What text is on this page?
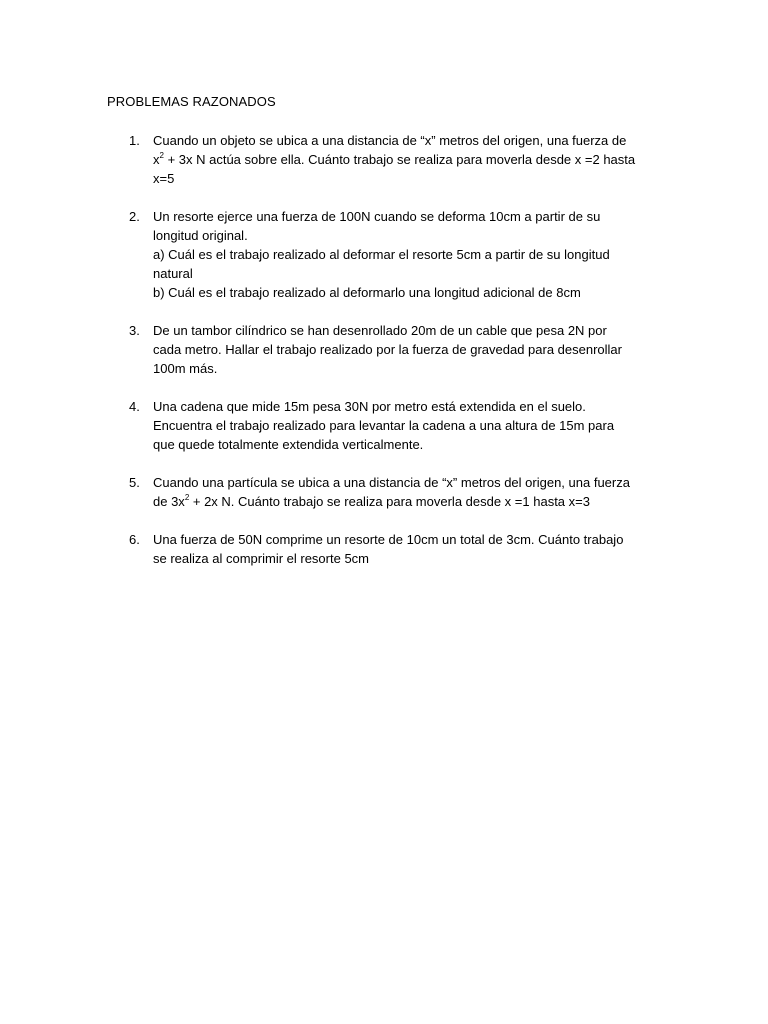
PROBLEMAS RAZONADOS
1. Cuando un objeto se ubica a una distancia de “x” metros del origen, una fuerza de
$x^2 + 3x$ N actúa sobre ella. Cuánto trabajo se realiza para moverla desde x =2 hasta
x=5
2. Un resorte ejerce una fuerza de 100N cuando se deforma 10cm a partir de su
longitud original.
a) Cuál es el trabajo realizado al deformar el resorte 5cm a partir de su longitud
natural
b) Cuál es el trabajo realizado al deformarlo una longitud adicional de 8cm
3. De un tambor cilíndrico se han desenrollado 20m de un cable que pesa 2N por
cada metro. Hallar el trabajo realizado por la fuerza de gravedad para desenrollar
100m más.
4. Una cadena que mide 15m pesa 30N por metro está extendida en el suelo.
Encuentra el trabajo realizado para levantar la cadena a una altura de 15m para
que quede totalmente extendida verticalmente.
5. Cuando una partícula se ubica a una distancia de “x” metros del origen, una fuerza
de $3x^2 + 2x$ N. Cuánto trabajo se realiza para moverla desde x =1 hasta x=3
6. Una fuerza de 50N comprime un resorte de 10cm un total de 3cm. Cuánto trabajo
se realiza al comprimir el resorte 5cm
